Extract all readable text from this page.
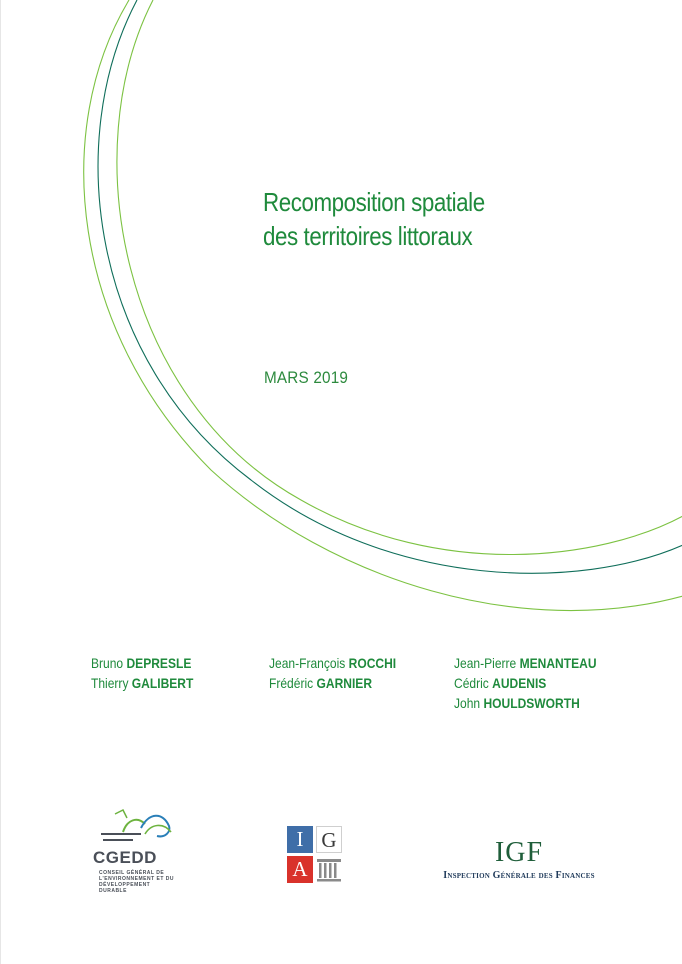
Recomposition spatiale
des territoires littoraux
MARS 2019
Bruno DEPRESLE
Thierry GALIBERT
Jean-François ROCCHI
Frédéric GARNIER
Jean-Pierre MENANTEAU
Cédric AUDENIS
John HOULDSWORTH
CGEDD
CONSEIL GÉNÉRAL DE L'ENVIRONNEMENT ET DU DÉVELOPPEMENT DURABLE
I G
A
IGF
Inspection Générale des Finances
